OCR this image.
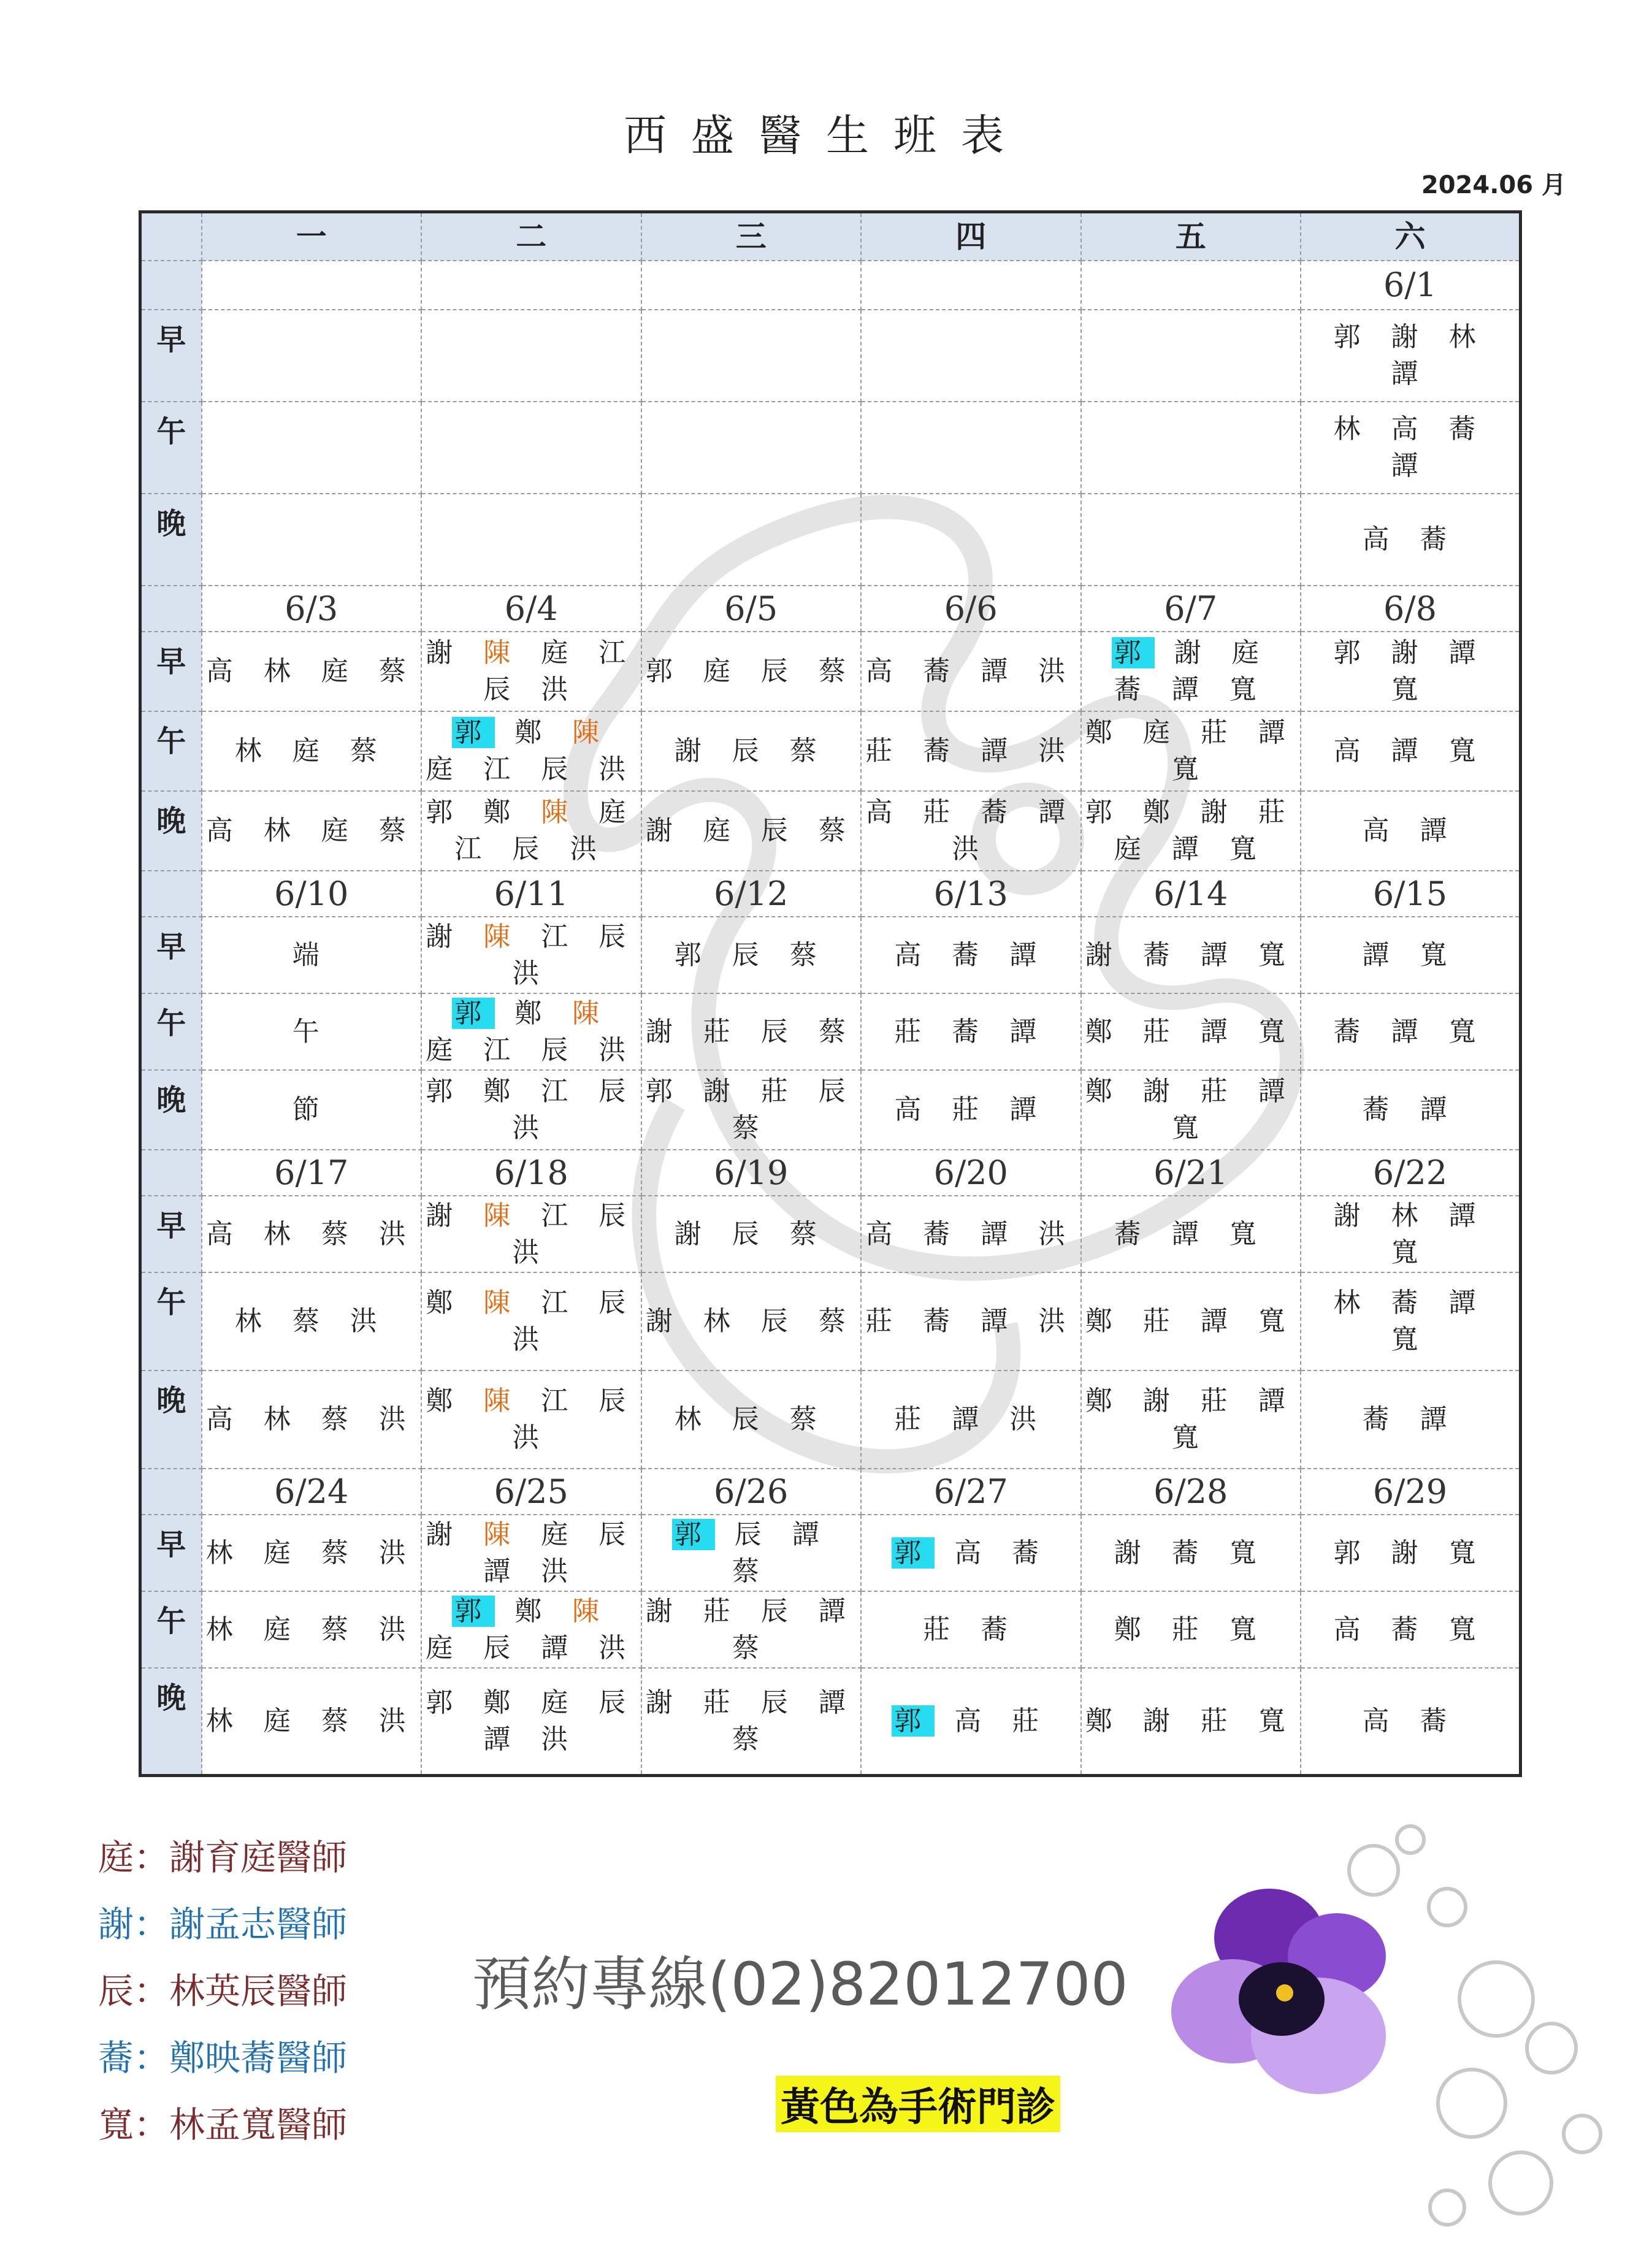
西盛醫生班表
2024.06 月
	一	二	三	四	五	六
						6/1
早						郭 謝 林 譚
午						林 高 蕎 譚
晚						高 蕎
	6/3	6/4	6/5	6/6	6/7	6/8
早	高 林 庭 蔡	謝 陳 庭 江 辰 洪	郭 庭 辰 蔡	高 蕎 譚 洪	郭 謝 庭 蕎 譚 寬	郭 謝 譚 寬
午	林 庭 蔡	郭 鄭 陳 庭 江 辰 洪	謝 辰 蔡	莊 蕎 譚 洪	鄭 庭 莊 譚 寬	高 譚 寬
晚	高 林 庭 蔡	郭 鄭 陳 庭 江 辰 洪	謝 庭 辰 蔡	高 莊 蕎 譚 洪	郭 鄭 謝 莊 庭 譚 寬	高 譚
	6/10	6/11	6/12	6/13	6/14	6/15
早	端	謝 陳 江 辰 洪	郭 辰 蔡	高 蕎 譚	謝 蕎 譚 寬	譚 寬
午	午	郭 鄭 陳 庭 江 辰 洪	謝 莊 辰 蔡	莊 蕎 譚	鄭 莊 譚 寬	蕎 譚 寬
晚	節	郭 鄭 江 辰 洪	郭 謝 莊 辰 蔡	高 莊 譚	鄭 謝 莊 譚 寬	蕎 譚
	6/17	6/18	6/19	6/20	6/21	6/22
早	高 林 蔡 洪	謝 陳 江 辰 洪	謝 辰 蔡	高 蕎 譚 洪	蕎 譚 寬	謝 林 譚 寬
午	林 蔡 洪	鄭 陳 江 辰 洪	謝 林 辰 蔡	莊 蕎 譚 洪	鄭 莊 譚 寬	林 蕎 譚 寬
晚	高 林 蔡 洪	鄭 陳 江 辰 洪	林 辰 蔡	莊 譚 洪	鄭 謝 莊 譚 寬	蕎 譚
	6/24	6/25	6/26	6/27	6/28	6/29
早	林 庭 蔡 洪	謝 陳 庭 辰 譚 洪	郭 辰 譚 蔡	郭 高 蕎	謝 蕎 寬	郭 謝 寬
午	林 庭 蔡 洪	郭 鄭 陳 庭 辰 譚 洪	謝 莊 辰 譚 蔡	莊 蕎	鄭 莊 寬	高 蕎 寬
晚	林 庭 蔡 洪	郭 鄭 庭 辰 譚 洪	謝 莊 辰 譚 蔡	郭 高 莊	鄭 謝 莊 寬	高 蕎
庭：謝育庭醫師
謝：謝孟志醫師
辰：林英辰醫師
蕎：鄭映蕎醫師
寬：林孟寬醫師
預約專線(02)82012700
黃色為手術門診
